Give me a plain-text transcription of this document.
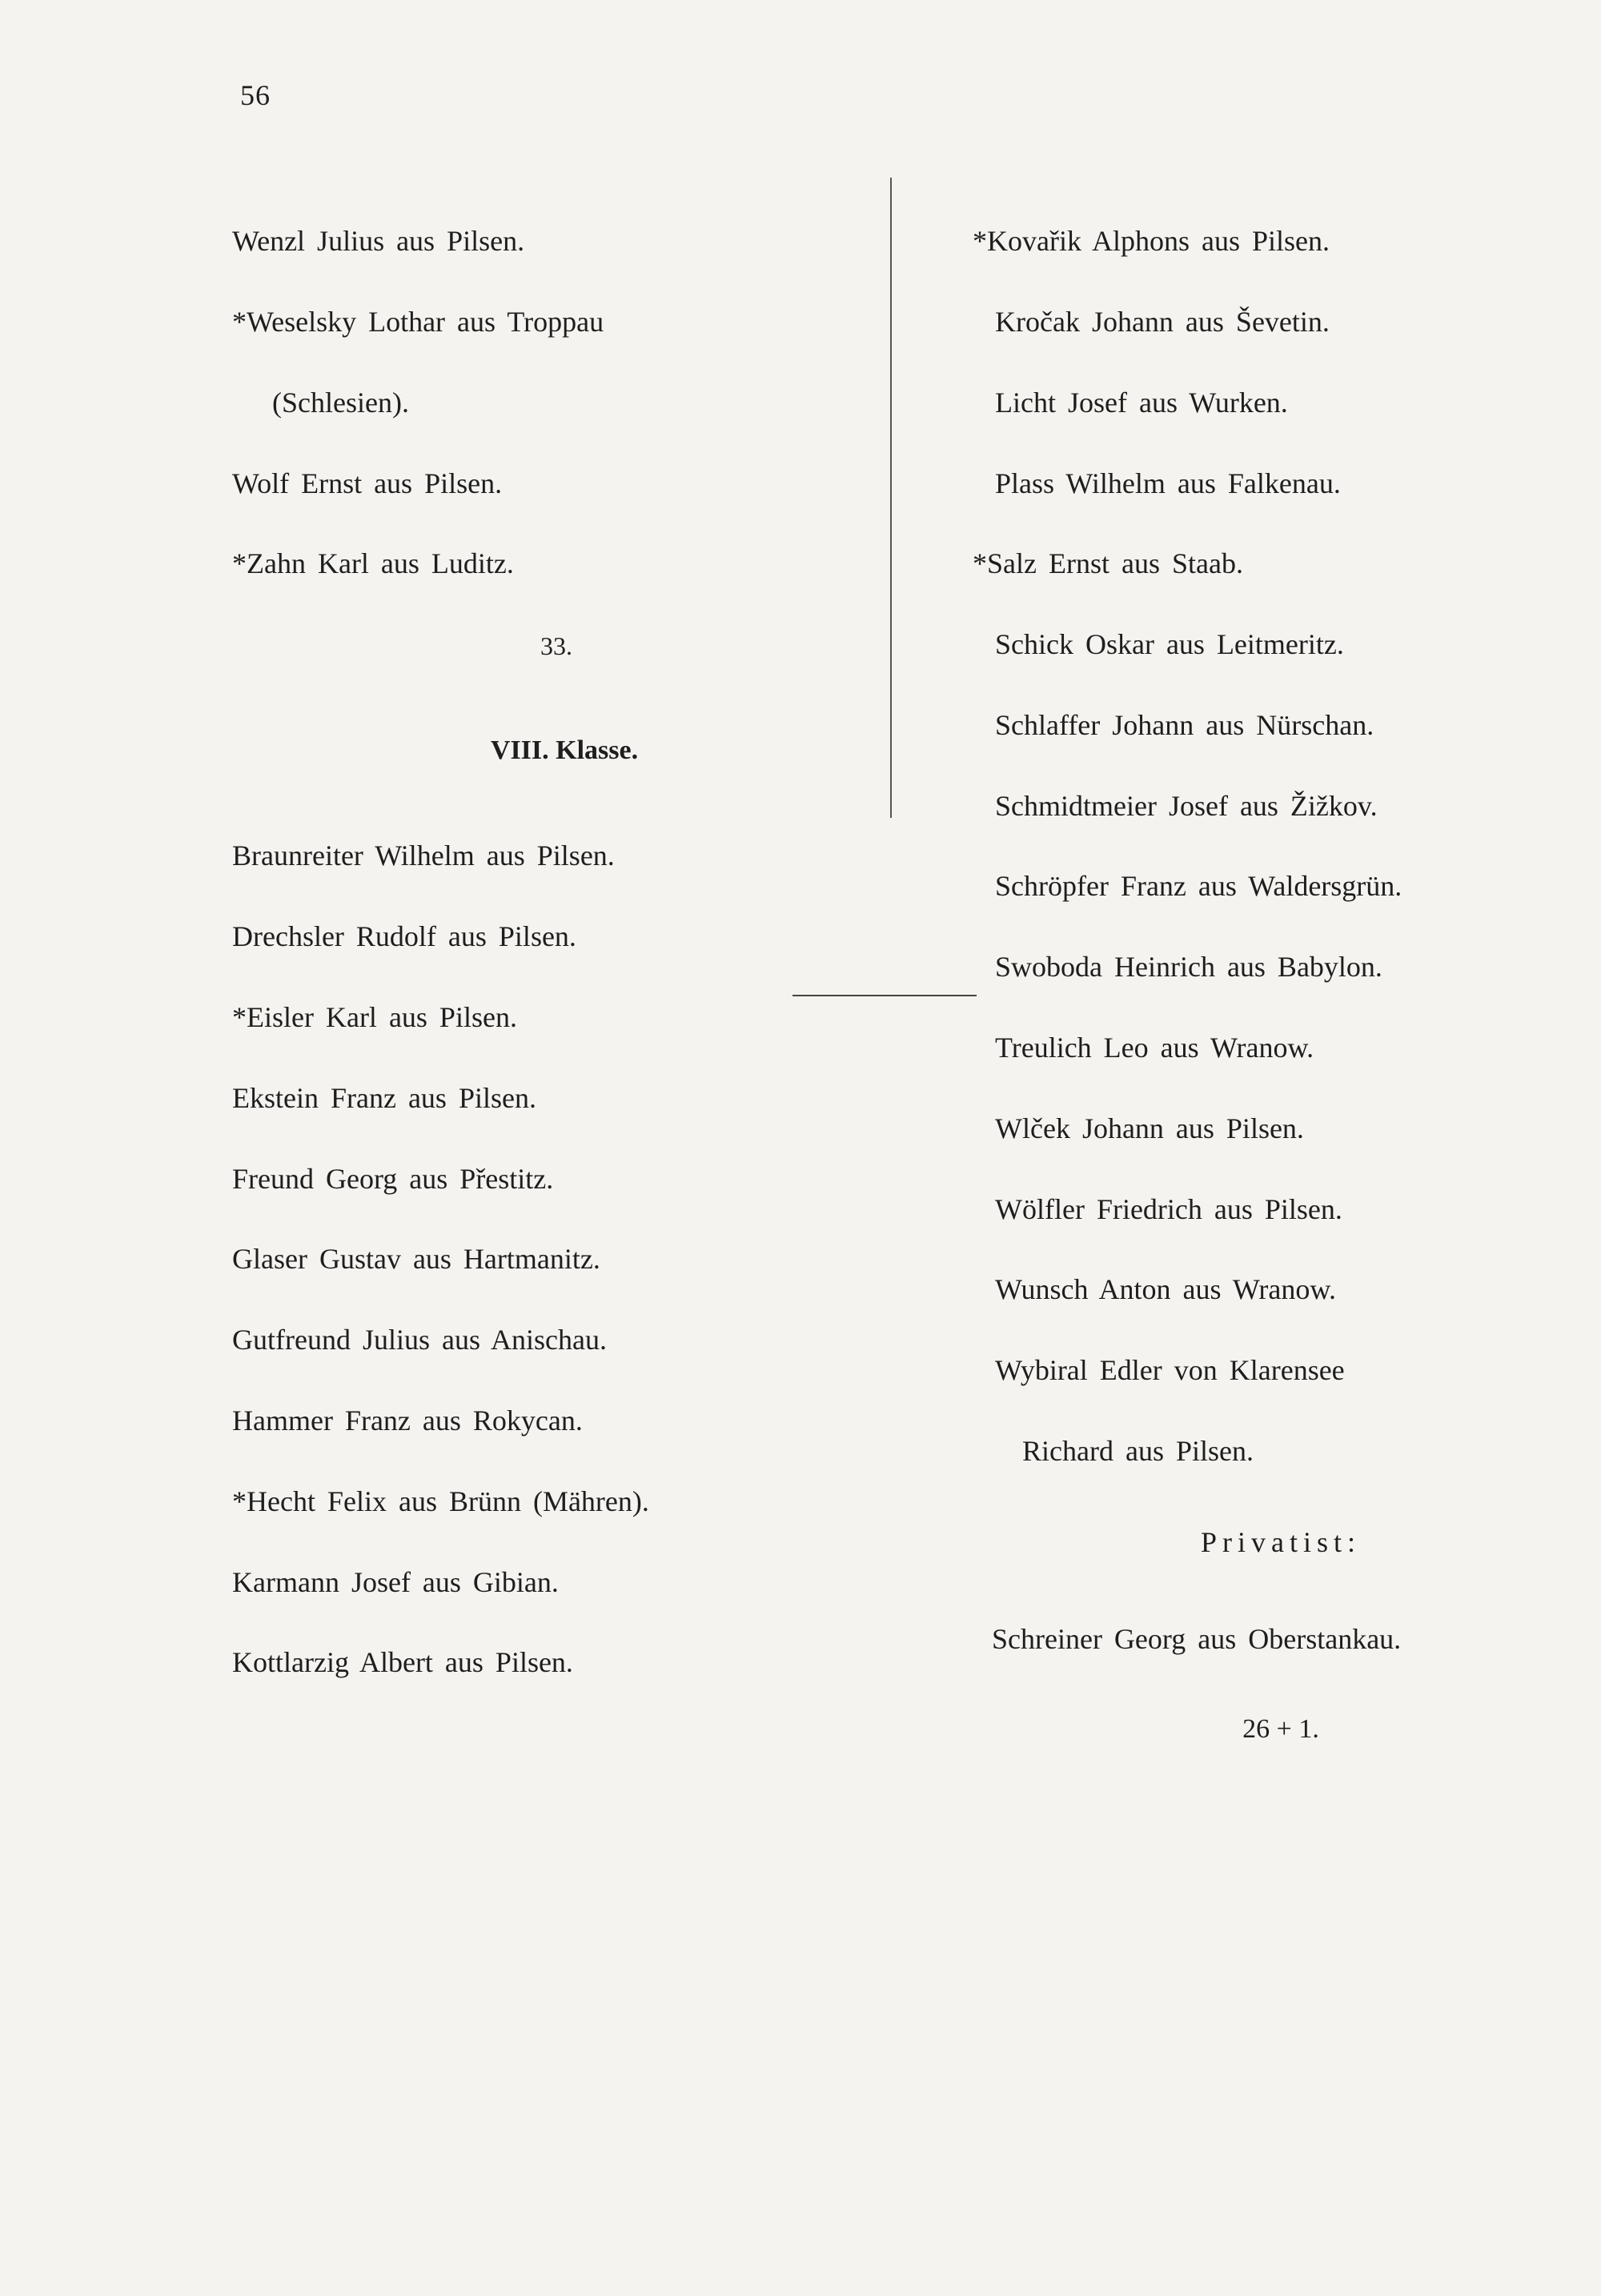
56

Wenzl Julius aus Pilsen.

*Weselsky Lothar aus Troppau

(Schlesien).

Wolf Ernst aus Pilsen.

*Zahn Karl aus Luditz.

33.

VIII. Klasse.

Braunreiter Wilhelm aus Pilsen.

Drechsler Rudolf aus Pilsen.

*Eisler Karl aus Pilsen.

Ekstein Franz aus Pilsen.

Freund Georg aus Přestitz.

Glaser Gustav aus Hartmanitz.

Gutfreund Julius aus Anischau.

Hammer Franz aus Rokycan.

*Hecht Felix aus Brünn (Mähren).

Karmann Josef aus Gibian.

Kottlarzig Albert aus Pilsen.

*Kovařik Alphons aus Pilsen.

Kročak Johann aus Ševetin.

Licht Josef aus Wurken.

Plass Wilhelm aus Falkenau.

*Salz Ernst aus Staab.

Schick Oskar aus Leitmeritz.

Schlaffer Johann aus Nürschan.

Schmidtmeier Josef aus Žižkov.

Schröpfer Franz aus Waldersgrün.

Swoboda Heinrich aus Babylon.

Treulich Leo aus Wranow.

Wlček Johann aus Pilsen.

Wölfler Friedrich aus Pilsen.

Wunsch Anton aus Wranow.

Wybiral Edler von Klarensee

Richard aus Pilsen.

Privatist:

Schreiner Georg aus Oberstankau.

26 + 1.
